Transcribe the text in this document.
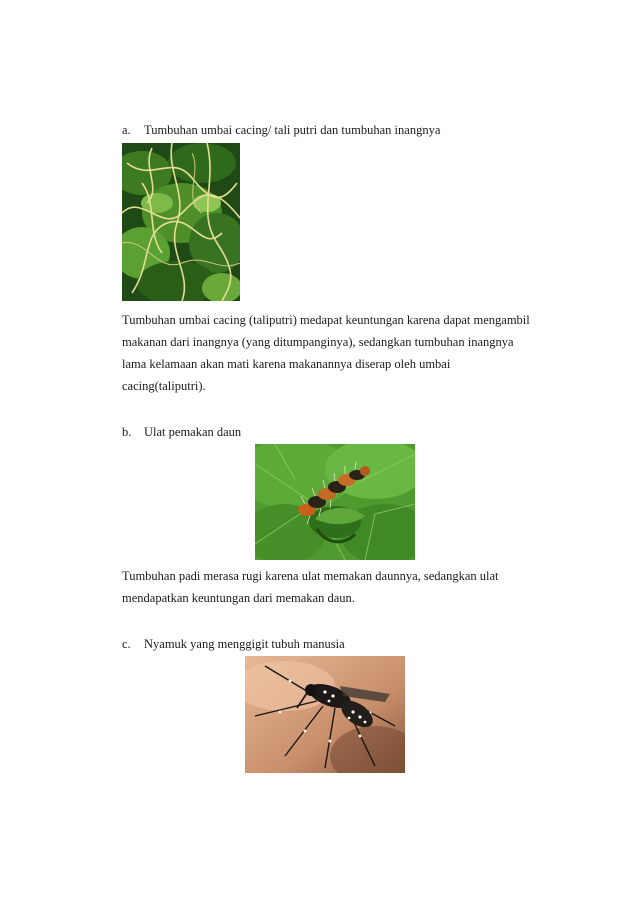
a. Tumbuhan umbai cacing/ tali putri dan tumbuhan inangnya

Tumbuhan umbai cacing (taliputri) medapat keuntungan karena dapat mengambil

makanan dari inangnya (yang ditumpanginya), sedangkan tumbuhan inangnya

lama kelamaan akan mati karena makanannya diserap oleh umbai

cacing(taliputri).

b. Ulat pemakan daun

Tumbuhan padi merasa rugi karena ulat memakan daunnya, sedangkan ulat

mendapatkan keuntungan dari memakan daun.

c. Nyamuk yang menggigit tubuh manusia
